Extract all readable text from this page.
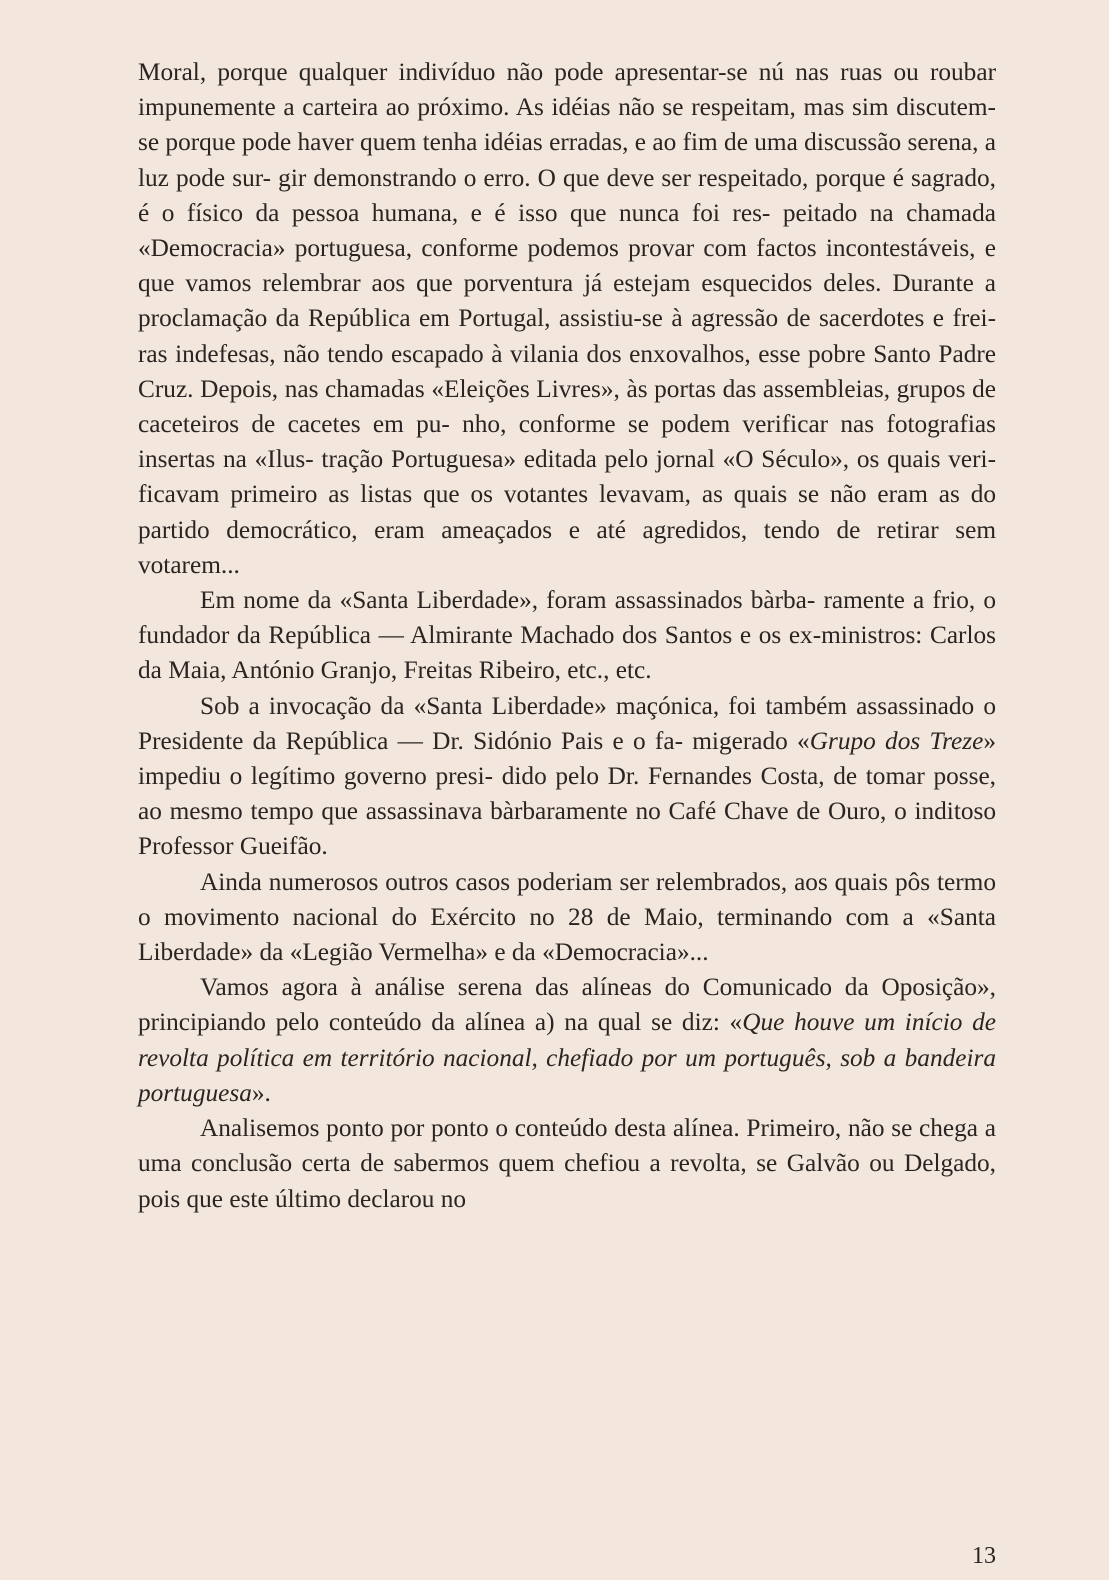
Moral, porque qualquer indivíduo não pode apresentar-se nú nas ruas ou roubar impunemente a carteira ao próximo. As idéias não se respeitam, mas sim discutem-se porque pode haver quem tenha idéias erradas, e ao fim de uma discussão serena, a luz pode sur- gir demonstrando o erro. O que deve ser respeitado, porque é sagrado, é o físico da pessoa humana, e é isso que nunca foi res- peitado na chamada «Democracia» portuguesa, conforme podemos provar com factos incontestáveis, e que vamos relembrar aos que porventura já estejam esquecidos deles. Durante a proclamação da República em Portugal, assistiu-se à agressão de sacerdotes e frei- ras indefesas, não tendo escapado à vilania dos enxovalhos, esse pobre Santo Padre Cruz. Depois, nas chamadas «Eleições Livres», às portas das assembleias, grupos de caceteiros de cacetes em pu- nho, conforme se podem verificar nas fotografias insertas na «Ilus- tração Portuguesa» editada pelo jornal «O Século», os quais veri- ficavam primeiro as listas que os votantes levavam, as quais se não eram as do partido democrático, eram ameaçados e até agredidos, tendo de retirar sem votarem...

Em nome da «Santa Liberdade», foram assassinados bàrba- ramente a frio, o fundador da República — Almirante Machado dos Santos e os ex-ministros: Carlos da Maia, António Granjo, Freitas Ribeiro, etc., etc.

Sob a invocação da «Santa Liberdade» maçónica, foi também assassinado o Presidente da República — Dr. Sidónio Pais e o fa- migerado «Grupo dos Treze» impediu o legítimo governo presi- dido pelo Dr. Fernandes Costa, de tomar posse, ao mesmo tempo que assassinava bàrbaramente no Café Chave de Ouro, o inditoso Professor Gueifão.

Ainda numerosos outros casos poderiam ser relembrados, aos quais pôs termo o movimento nacional do Exército no 28 de Maio, terminando com a «Santa Liberdade» da «Legião Vermelha» e da «Democracia»...

Vamos agora à análise serena das alíneas do Comunicado da Oposição», principiando pelo conteúdo da alínea a) na qual se diz: «Que houve um início de revolta política em território nacional, chefiado por um português, sob a bandeira portuguesa».

Analisemos ponto por ponto o conteúdo desta alínea. Primeiro, não se chega a uma conclusão certa de sabermos quem chefiou a revolta, se Galvão ou Delgado, pois que este último declarou no

13
